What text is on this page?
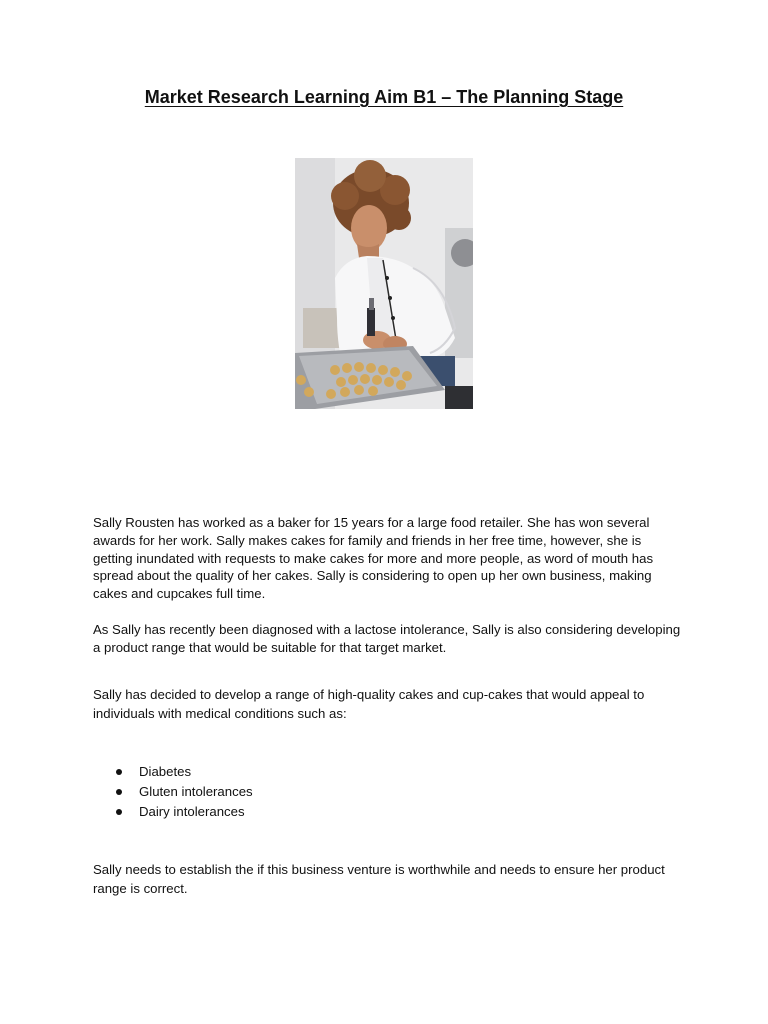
Market Research Learning Aim B1 – The Planning Stage

Sally Rousten has worked as a baker for 15 years for a large food retailer. She has won several awards for her work. Sally makes cakes for family and friends in her free time, however, she is getting inundated with requests to make cakes for more and more people, as word of mouth has spread about the quality of her cakes. Sally is considering to open up her own business, making cakes and cupcakes full time.

As Sally has recently been diagnosed with a lactose intolerance, Sally is also considering developing a product range that would be suitable for that target market.

Sally has decided to develop a range of high-quality cakes and cup-cakes that would appeal to individuals with medical conditions such as:

Diabetes
Gluten intolerances
Dairy intolerances

Sally needs to establish the if this business venture is worthwhile and needs to ensure her product range is correct.
